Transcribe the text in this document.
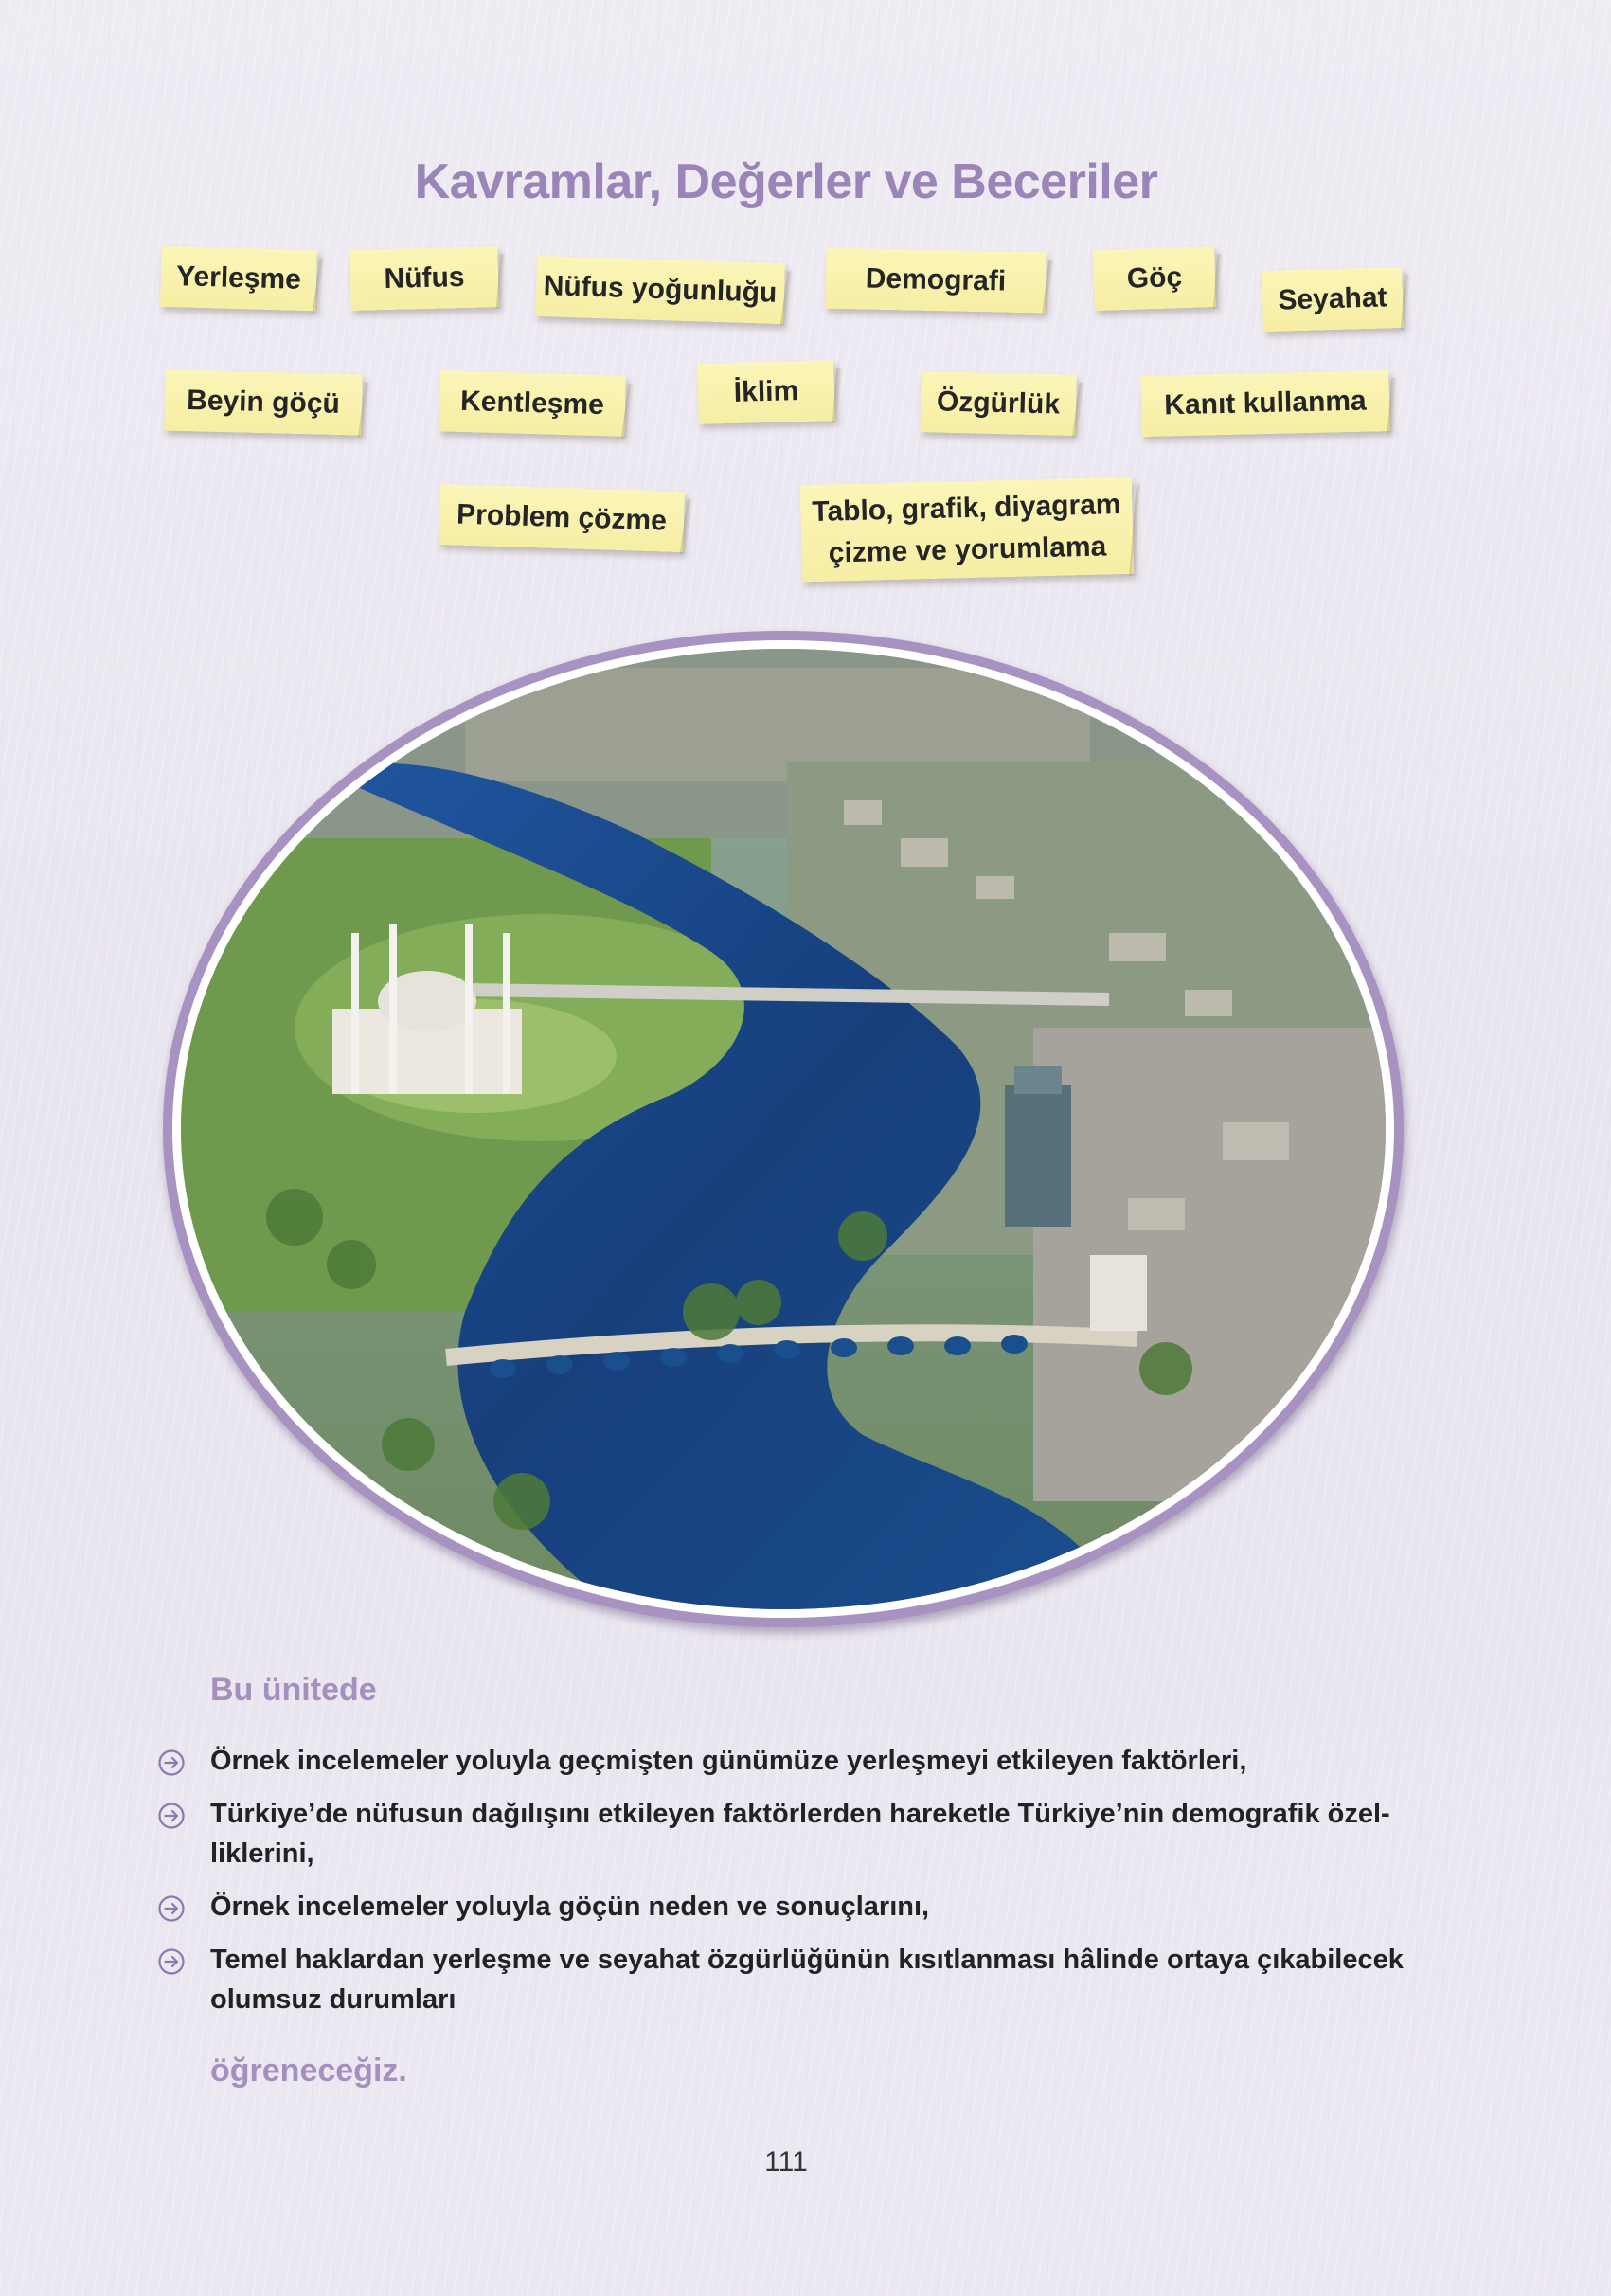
Kavramlar, Değerler ve Beceriler
Yerleşme	Nüfus	Nüfus yoğunluğu	Demografi	Göç
Seyahat
Beyin göçü	Kentleşme	İklim	Özgürlük	Kanıt kullanma
Problem çözme	Tablo, grafik, diyagram
çizme ve yorumlama
Bu ünitede
Örnek incelemeler yoluyla geçmişten günümüze yerleşmeyi etkileyen faktörleri,
Türkiye’de nüfusun dağılışını etkileyen faktörlerden hareketle Türkiye’nin demografik özel-liklerini,
Örnek incelemeler yoluyla göçün neden ve sonuçlarını,
Temel haklardan yerleşme ve seyahat özgürlüğünün kısıtlanması hâlinde ortaya çıkabilecek olumsuz durumları

öğreneceğiz.

111
